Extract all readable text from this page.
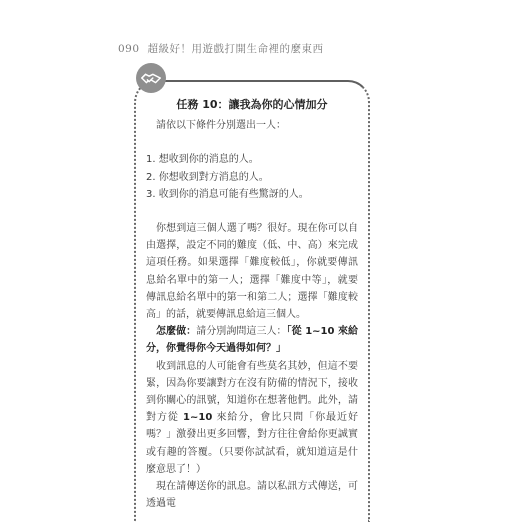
090 超級好！用遊戲打開生命裡的麼東西
任務 10：讓我為你的心情加分

請依以下條件分別選出一人：

1. 想收到你的消息的人。
2. 你想收到對方消息的人。
3. 收到你的消息可能有些驚訝的人。

你想到這三個人選了嗎？很好。現在你可以自由選擇，設定不同的難度（低、中、高）來完成這項任務。如果選擇「難度較低」，你就要傳訊息給名單中的第一人；選擇「難度中等」，就要傳訊息給名單中的第一和第二人；選擇「難度較高」的話，就要傳訊息給這三個人。

怎麼做：請分別詢問這三人：「從 1~10 來給分，你覺得你今天過得如何？」

收到訊息的人可能會有些莫名其妙，但這不要緊，因為你要讓對方在沒有防備的情況下，接收到你關心的訊號，知道你在想著他們。此外，請對方從 1~10 來給分，會比只問「你最近好嗎？」激發出更多回響，對方往往會給你更誠實或有趣的答覆。（只要你試試看，就知道這是什麼意思了！）

現在請傳送你的訊息。請以私訊方式傳送，可透過電
